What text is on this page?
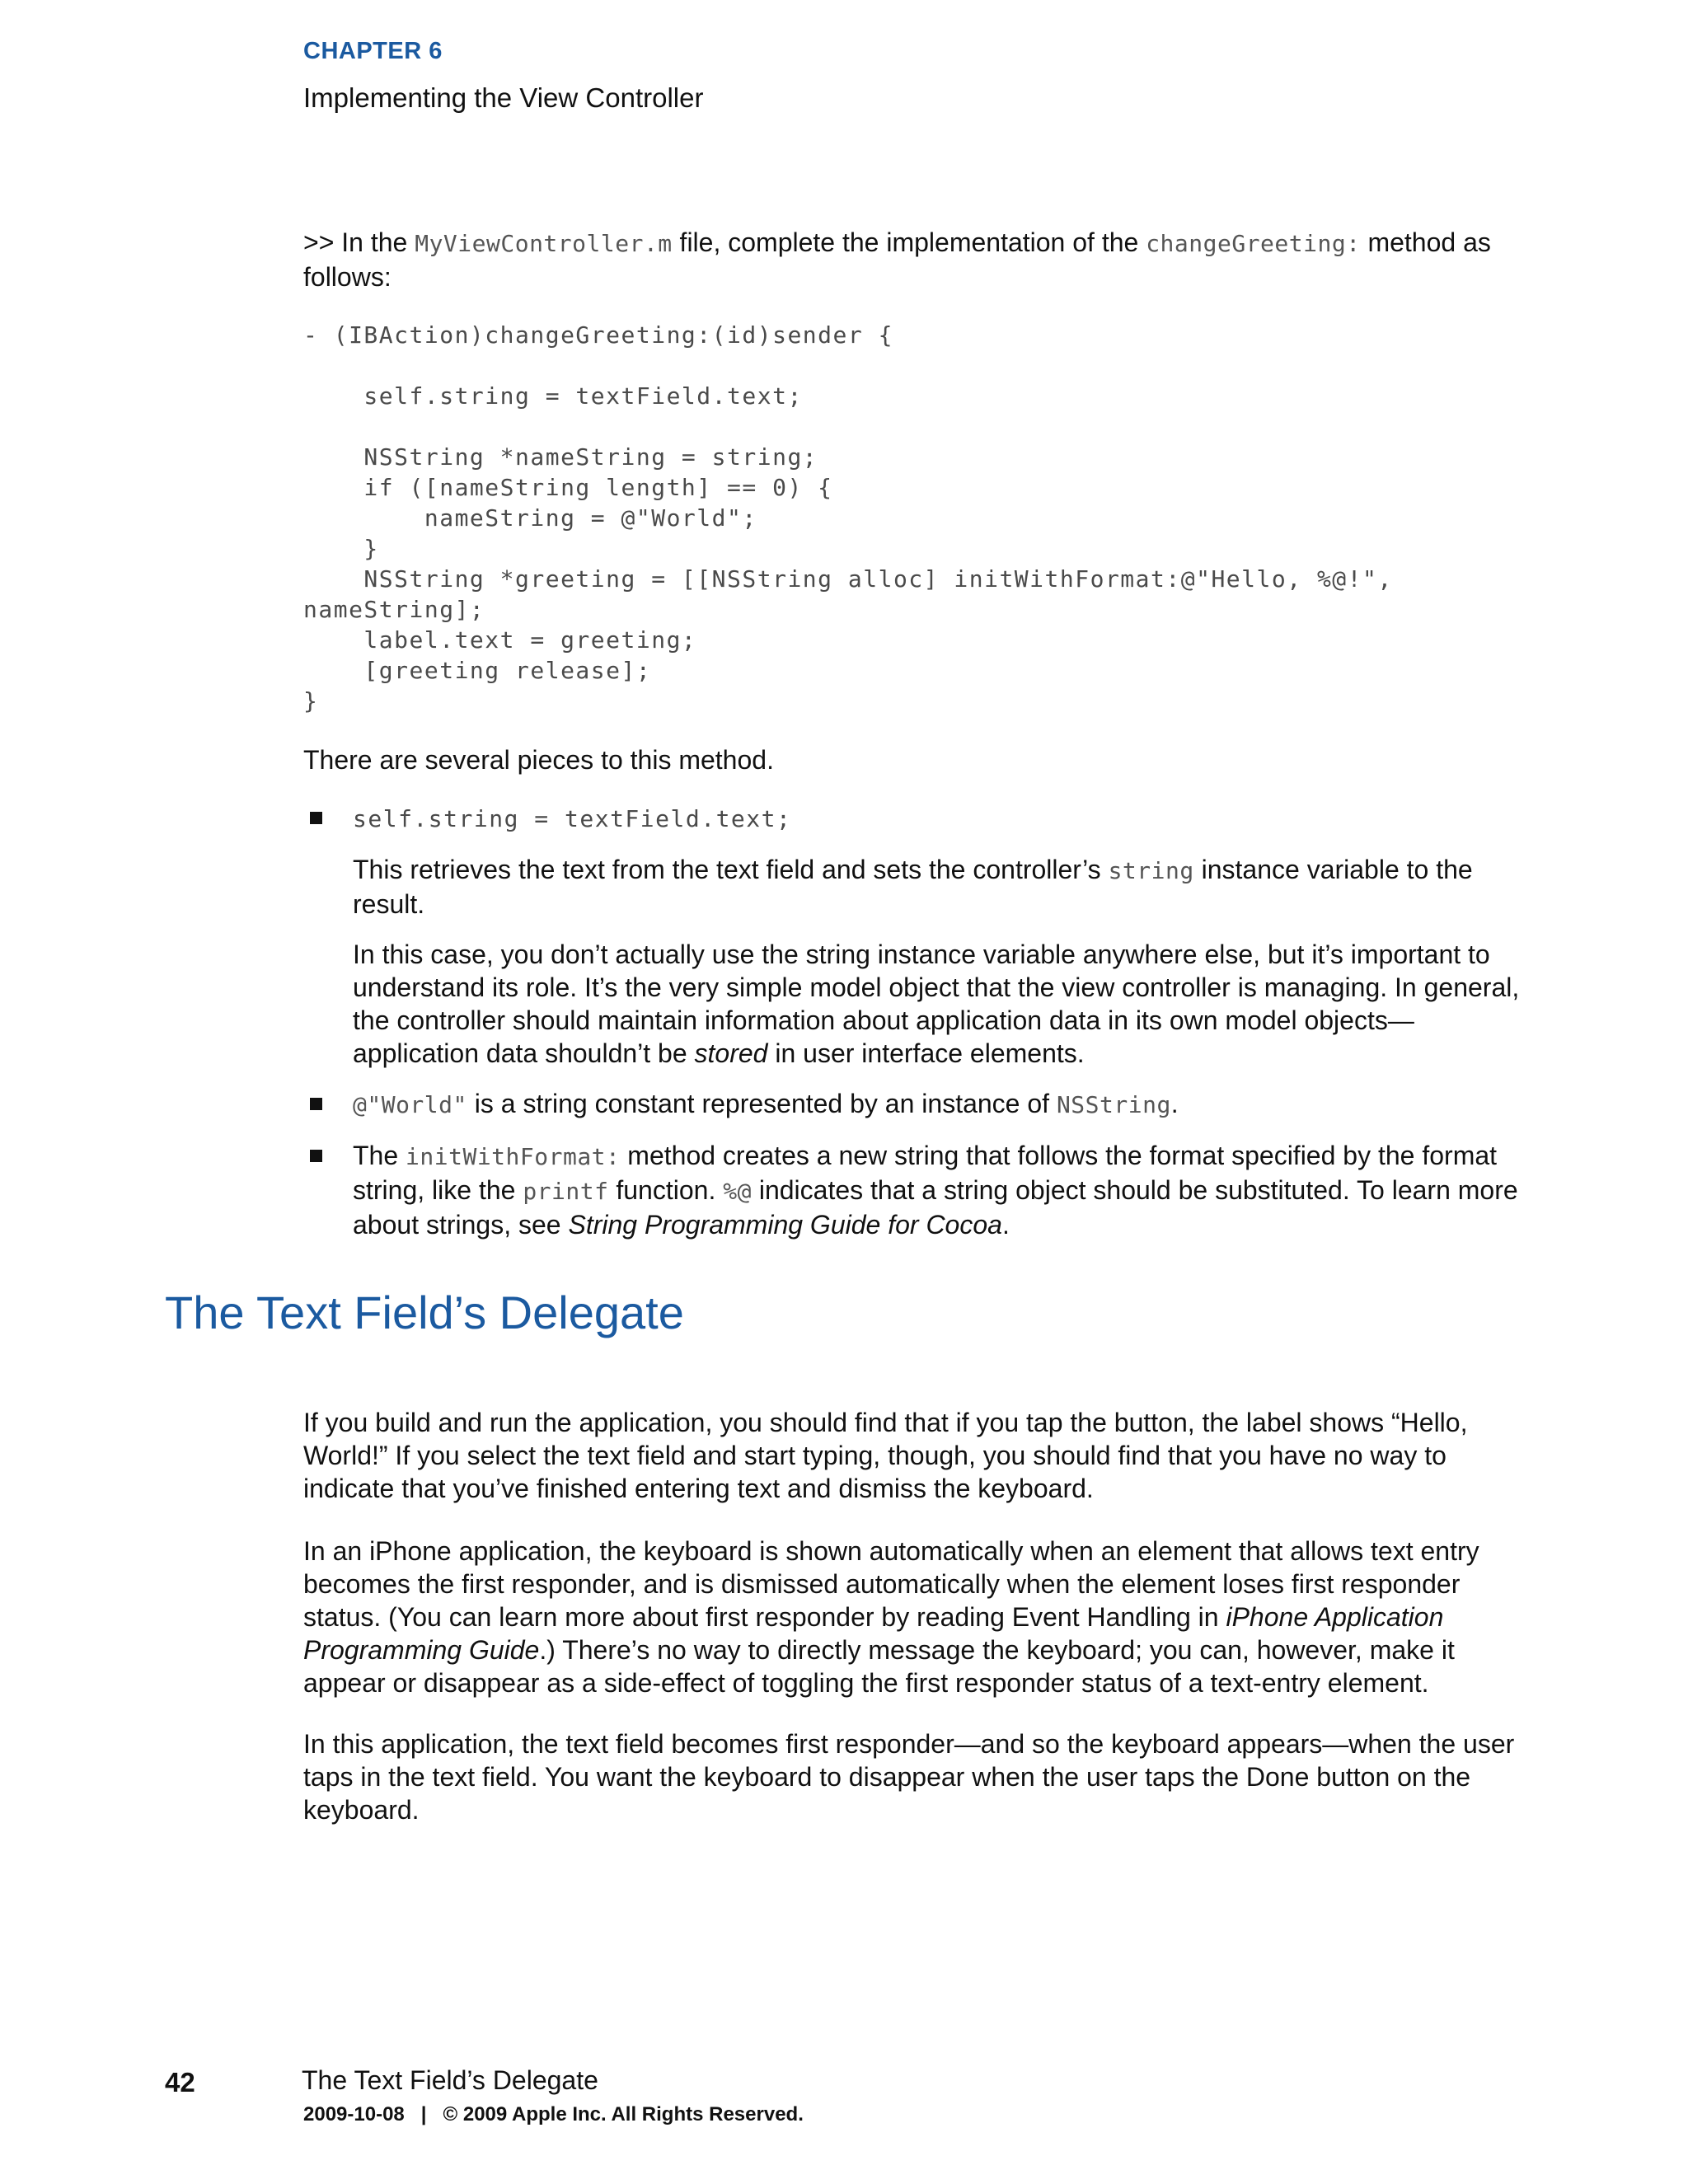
CHAPTER 6
Implementing the View Controller

>> In the MyViewController.m file, complete the implementation of the changeGreeting: method as follows:

- (IBAction)changeGreeting:(id)sender {

self.string = textField.text;

NSString *nameString = string;
if ([nameString length] == 0) {
nameString = @"World";
}
NSString *greeting = [[NSString alloc] initWithFormat:@"Hello, %@!",
nameString];
label.text = greeting;
[greeting release];
}

There are several pieces to this method.

self.string = textField.text;

This retrieves the text from the text field and sets the controller’s string instance variable to the result.

In this case, you don’t actually use the string instance variable anywhere else, but it’s important to understand its role. It’s the very simple model object that the view controller is managing. In general, the controller should maintain information about application data in its own model objects—application data shouldn’t be stored in user interface elements.

@"World" is a string constant represented by an instance of NSString.
The initWithFormat: method creates a new string that follows the format specified by the format string, like the printf function. %@ indicates that a string object should be substituted. To learn more about strings, see String Programming Guide for Cocoa.
The Text Field’s Delegate

If you build and run the application, you should find that if you tap the button, the label shows “Hello, World!” If you select the text field and start typing, though, you should find that you have no way to indicate that you’ve finished entering text and dismiss the keyboard.

In an iPhone application, the keyboard is shown automatically when an element that allows text entry becomes the first responder, and is dismissed automatically when the element loses first responder status. (You can learn more about first responder by reading Event Handling in iPhone Application Programming Guide.) There’s no way to directly message the keyboard; you can, however, make it appear or disappear as a side-effect of toggling the first responder status of a text-entry element.

In this application, the text field becomes first responder—and so the keyboard appears—when the user taps in the text field. You want the keyboard to disappear when the user taps the Done button on the keyboard.

42	The Text Field’s Delegate
2009-10-08   |   © 2009 Apple Inc. All Rights Reserved.
